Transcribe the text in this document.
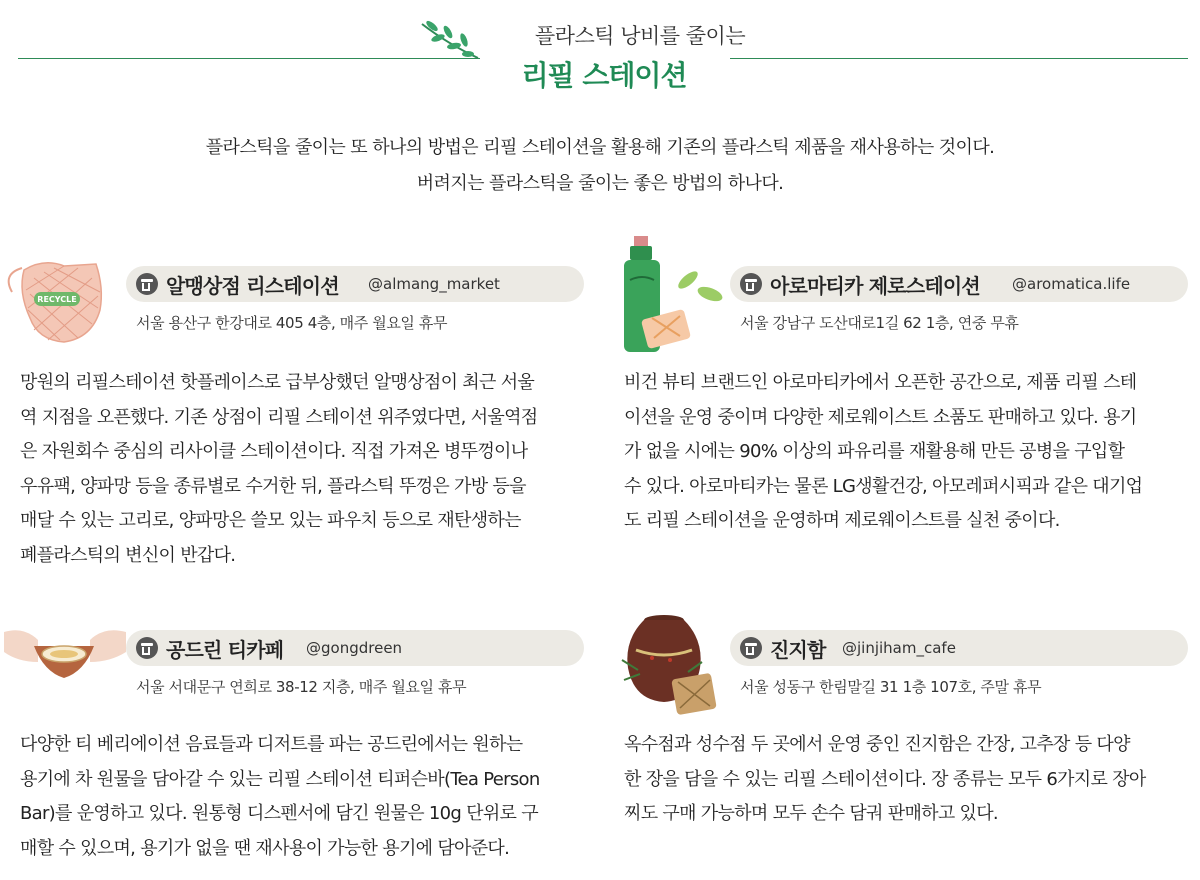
플라스틱 낭비를 줄이는
리필 스테이션
플라스틱을 줄이는 또 하나의 방법은 리필 스테이션을 활용해 기존의 플라스틱 제품을 재사용하는 것이다.
버려지는 플라스틱을 줄이는 좋은 방법의 하나다.
RECYCLE
알맹상점 리스테이션 @almang_market
서울 용산구 한강대로 405 4층, 매주 월요일 휴무
망원의 리필스테이션 핫플레이스로 급부상했던 알맹상점이 최근 서울
역 지점을 오픈했다. 기존 상점이 리필 스테이션 위주였다면, 서울역점
은 자원회수 중심의 리사이클 스테이션이다. 직접 가져온 병뚜껑이나
우유팩, 양파망 등을 종류별로 수거한 뒤, 플라스틱 뚜껑은 가방 등을
매달 수 있는 고리로, 양파망은 쓸모 있는 파우치 등으로 재탄생하는
폐플라스틱의 변신이 반갑다.
아로마티카 제로스테이션 @aromatica.life
서울 강남구 도산대로1길 62 1층, 연중 무휴
비건 뷰티 브랜드인 아로마티카에서 오픈한 공간으로, 제품 리필 스테
이션을 운영 중이며 다양한 제로웨이스트 소품도 판매하고 있다. 용기
가 없을 시에는 90% 이상의 파유리를 재활용해 만든 공병을 구입할
수 있다. 아로마티카는 물론 LG생활건강, 아모레퍼시픽과 같은 대기업
도 리필 스테이션을 운영하며 제로웨이스트를 실천 중이다.
공드린 티카페 @gongdreen
서울 서대문구 연희로 38-12 지층, 매주 월요일 휴무
다양한 티 베리에이션 음료들과 디저트를 파는 공드린에서는 원하는
용기에 차 원물을 담아갈 수 있는 리필 스테이션 티퍼슨바(Tea Person
Bar)를 운영하고 있다. 원통형 디스펜서에 담긴 원물은 10g 단위로 구
매할 수 있으며, 용기가 없을 땐 재사용이 가능한 용기에 담아준다.
진지함 @jinjiham_cafe
서울 성동구 한림말길 31 1층 107호, 주말 휴무
옥수점과 성수점 두 곳에서 운영 중인 진지함은 간장, 고추장 등 다양
한 장을 담을 수 있는 리필 스테이션이다. 장 종류는 모두 6가지로 장아
찌도 구매 가능하며 모두 손수 담궈 판매하고 있다.
